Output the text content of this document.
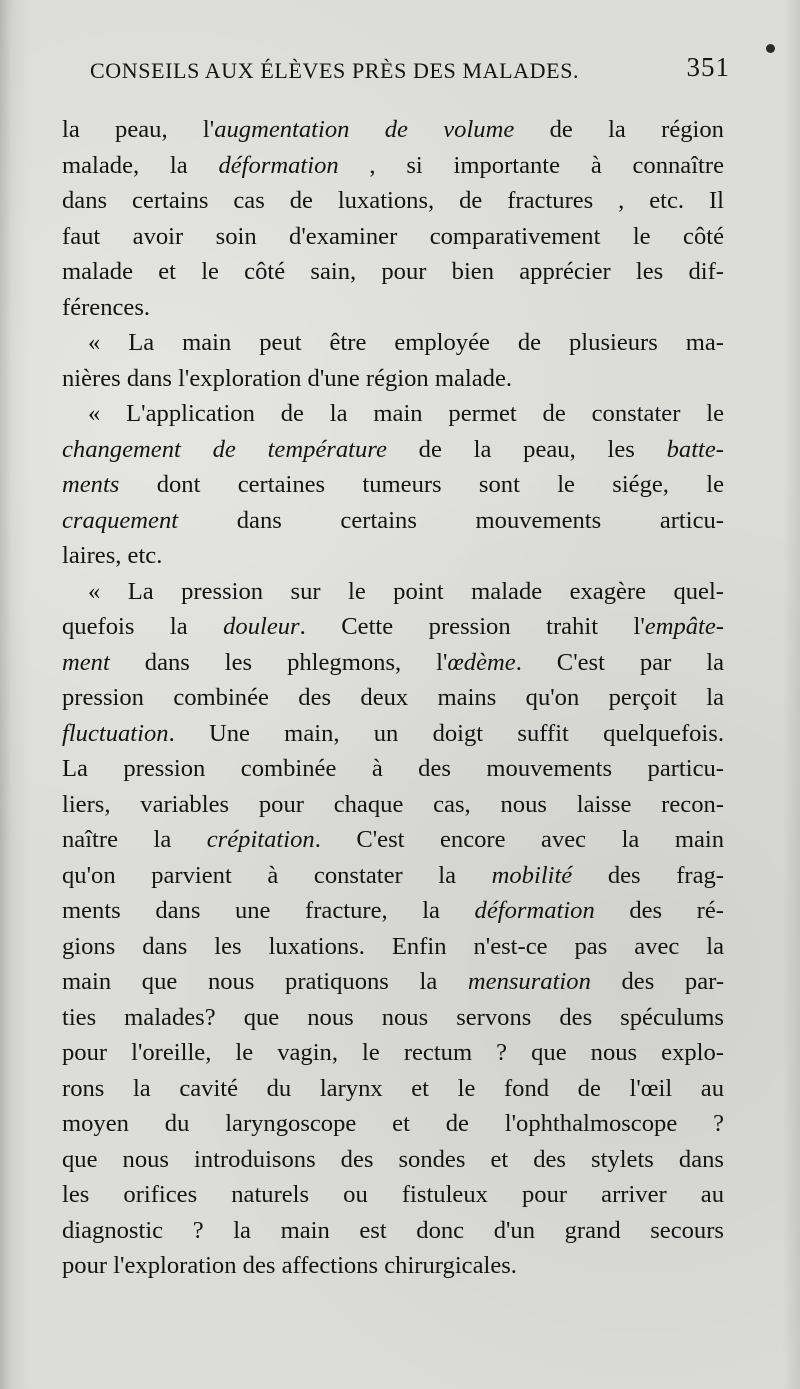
CONSEILS AUX ÉLÈVES PRÈS DES MALADES.	351
la peau, l'augmentation de volume de la région
malade, la déformation , si importante à connaître
dans certains cas de luxations, de fractures , etc. Il
faut avoir soin d'examiner comparativement le côté
malade et le côté sain, pour bien apprécier les dif-
férences.
« La main peut être employée de plusieurs ma-
nières dans l'exploration d'une région malade.
« L'application de la main permet de constater le
changement de température de la peau, les batte-
ments dont certaines tumeurs sont le siége, le
craquement dans certains mouvements articu-
laires, etc.
« La pression sur le point malade exagère quel-
quefois la douleur. Cette pression trahit l'empâte-
ment dans les phlegmons, l'œdème. C'est par la
pression combinée des deux mains qu'on perçoit la
fluctuation. Une main, un doigt suffit quelquefois.
La pression combinée à des mouvements particu-
liers, variables pour chaque cas, nous laisse recon-
naître la crépitation. C'est encore avec la main
qu'on parvient à constater la mobilité des frag-
ments dans une fracture, la déformation des ré-
gions dans les luxations. Enfin n'est-ce pas avec la
main que nous pratiquons la mensuration des par-
ties malades? que nous nous servons des spéculums
pour l'oreille, le vagin, le rectum ? que nous explo-
rons la cavité du larynx et le fond de l'œil au
moyen du laryngoscope et de l'ophthalmoscope ?
que nous introduisons des sondes et des stylets dans
les orifices naturels ou fistuleux pour arriver au
diagnostic ? la main est donc d'un grand secours
pour l'exploration des affections chirurgicales.
